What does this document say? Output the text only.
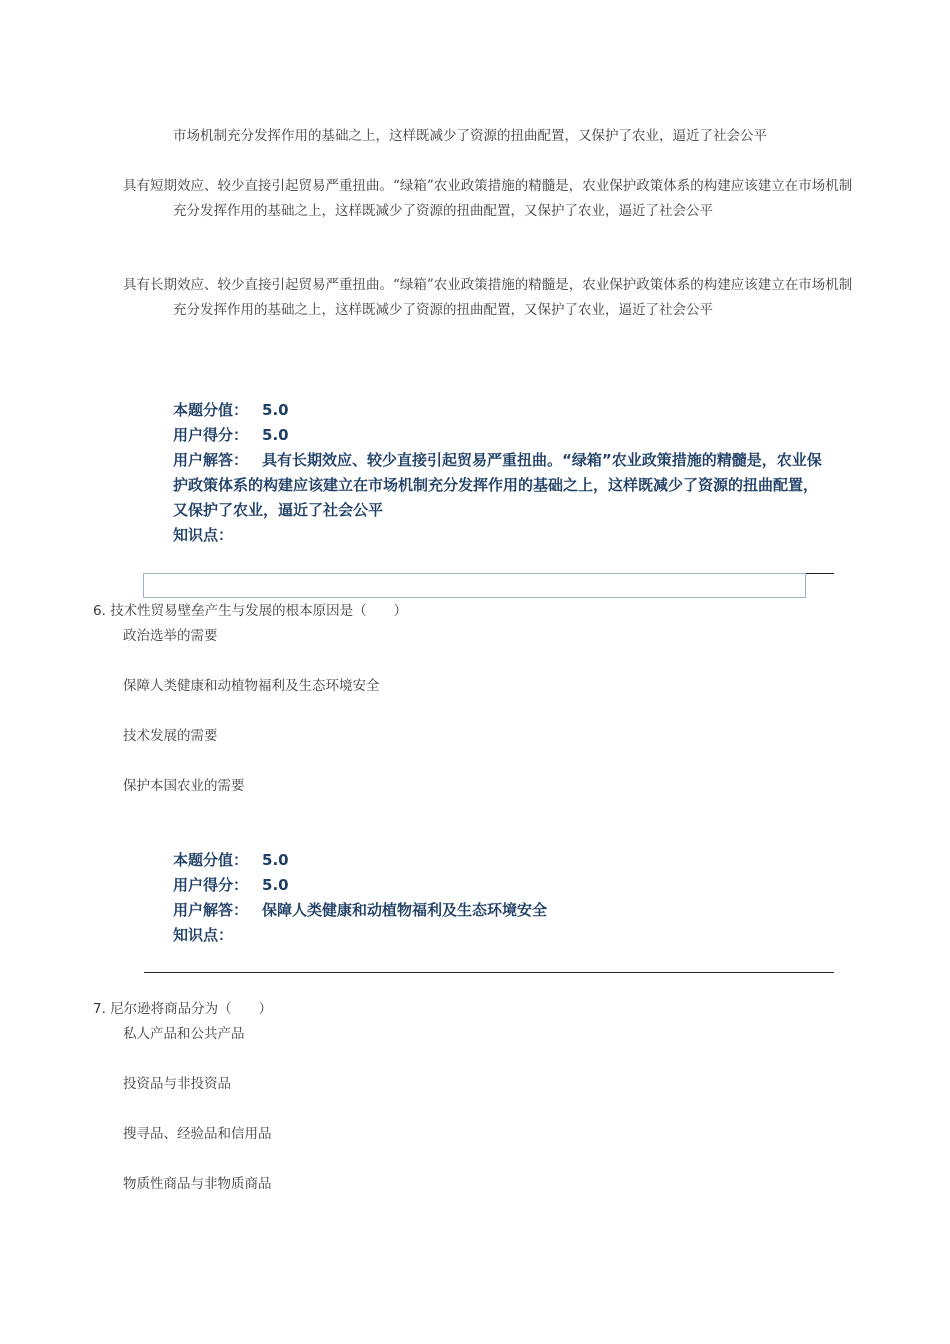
市场机制充分发挥作用的基础之上，这样既减少了资源的扭曲配置，又保护了农业，逼近了社会公平
具有短期效应、较少直接引起贸易严重扭曲。“绿箱”农业政策措施的精髓是，农业保护政策体系的构建应该建立在市场机制充分发挥作用的基础之上，这样既减少了资源的扭曲配置，又保护了农业，逼近了社会公平
具有长期效应、较少直接引起贸易严重扭曲。“绿箱”农业政策措施的精髓是，农业保护政策体系的构建应该建立在市场机制充分发挥作用的基础之上，这样既减少了资源的扭曲配置，又保护了农业，逼近了社会公平
本题分值： 5.0
用户得分： 5.0
用户解答： 具有长期效应、较少直接引起贸易严重扭曲。“绿箱”农业政策措施的精髓是，农业保护政策体系的构建应该建立在市场机制充分发挥作用的基础之上，这样既减少了资源的扭曲配置，又保护了农业，逼近了社会公平
知识点：
6. 技术性贸易壁垒产生与发展的根本原因是（　　）
政治选举的需要
保障人类健康和动植物福利及生态环境安全
技术发展的需要
保护本国农业的需要
本题分值： 5.0
用户得分： 5.0
用户解答： 保障人类健康和动植物福利及生态环境安全
知识点：
7. 尼尔逊将商品分为（　　）
私人产品和公共产品
投资品与非投资品
搜寻品、经验品和信用品
物质性商品与非物质商品
